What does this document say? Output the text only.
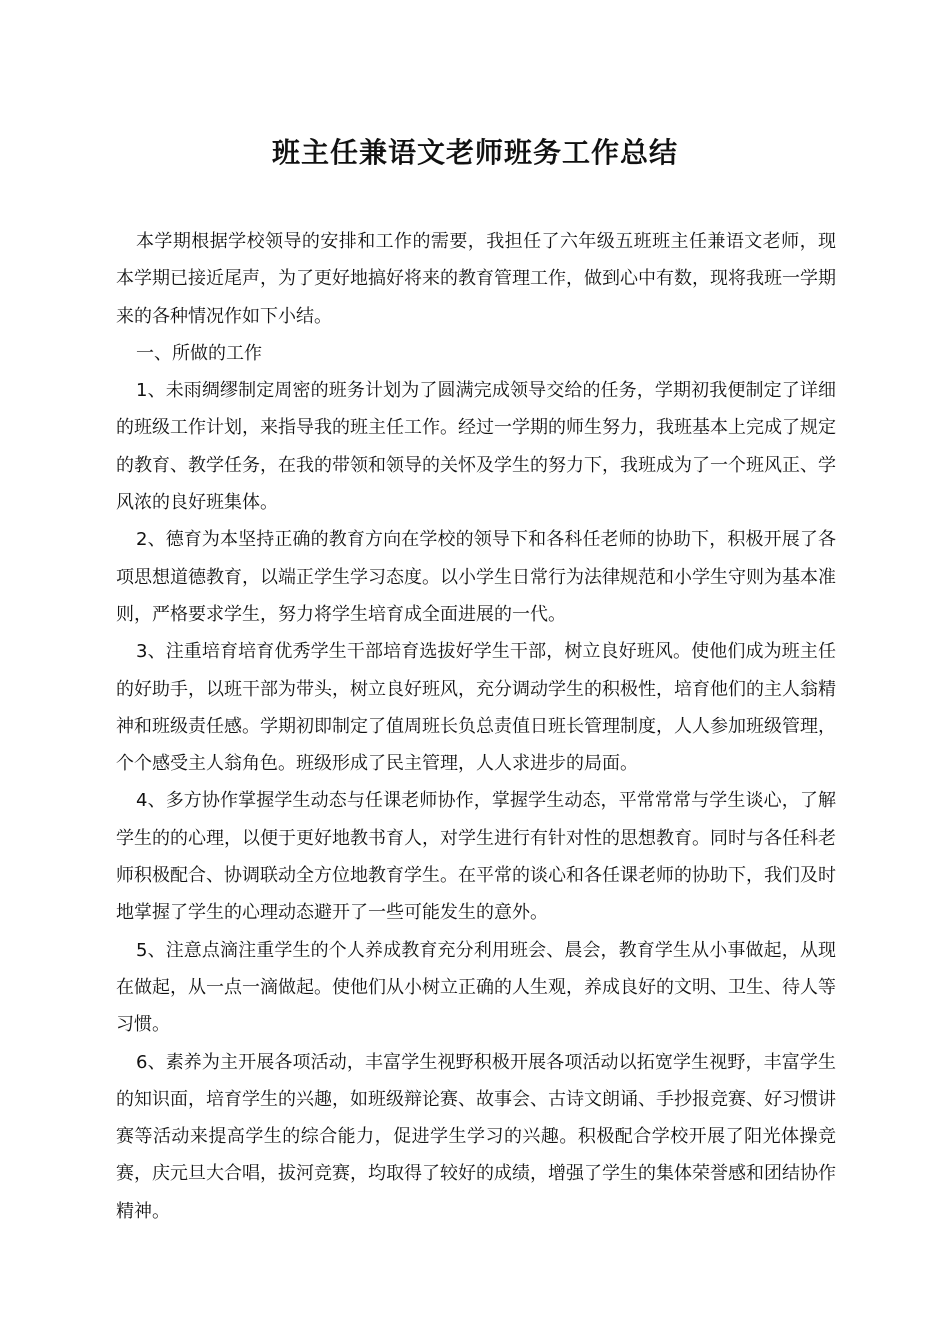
班主任兼语文老师班务工作总结

本学期根据学校领导的安排和工作的需要，我担任了六年级五班班主任兼语文老师，现本学期已接近尾声，为了更好地搞好将来的教育管理工作，做到心中有数，现将我班一学期来的各种情况作如下小结。

一、所做的工作

1、未雨绸缪制定周密的班务计划为了圆满完成领导交给的任务，学期初我便制定了详细的班级工作计划，来指导我的班主任工作。经过一学期的师生努力，我班基本上完成了规定的教育、教学任务，在我的带领和领导的关怀及学生的努力下，我班成为了一个班风正、学风浓的良好班集体。

2、德育为本坚持正确的教育方向在学校的领导下和各科任老师的协助下，积极开展了各项思想道德教育，以端正学生学习态度。以小学生日常行为法律规范和小学生守则为基本准则，严格要求学生，努力将学生培育成全面进展的一代。

3、注重培育培育优秀学生干部培育选拔好学生干部，树立良好班风。使他们成为班主任的好助手，以班干部为带头，树立良好班风，充分调动学生的积极性，培育他们的主人翁精神和班级责任感。学期初即制定了值周班长负总责值日班长管理制度，人人参加班级管理，个个感受主人翁角色。班级形成了民主管理，人人求进步的局面。

4、多方协作掌握学生动态与任课老师协作，掌握学生动态，平常常常与学生谈心，了解学生的的心理，以便于更好地教书育人，对学生进行有针对性的思想教育。同时与各任科老师积极配合、协调联动全方位地教育学生。在平常的谈心和各任课老师的协助下，我们及时地掌握了学生的心理动态避开了一些可能发生的意外。

5、注意点滴注重学生的个人养成教育充分利用班会、晨会，教育学生从小事做起，从现在做起，从一点一滴做起。使他们从小树立正确的人生观，养成良好的文明、卫生、待人等习惯。

6、素养为主开展各项活动，丰富学生视野积极开展各项活动以拓宽学生视野，丰富学生的知识面，培育学生的兴趣，如班级辩论赛、故事会、古诗文朗诵、手抄报竞赛、好习惯讲赛等活动来提高学生的综合能力，促进学生学习的兴趣。积极配合学校开展了阳光体操竞赛，庆元旦大合唱，拔河竞赛，均取得了较好的成绩，增强了学生的集体荣誉感和团结协作精神。
